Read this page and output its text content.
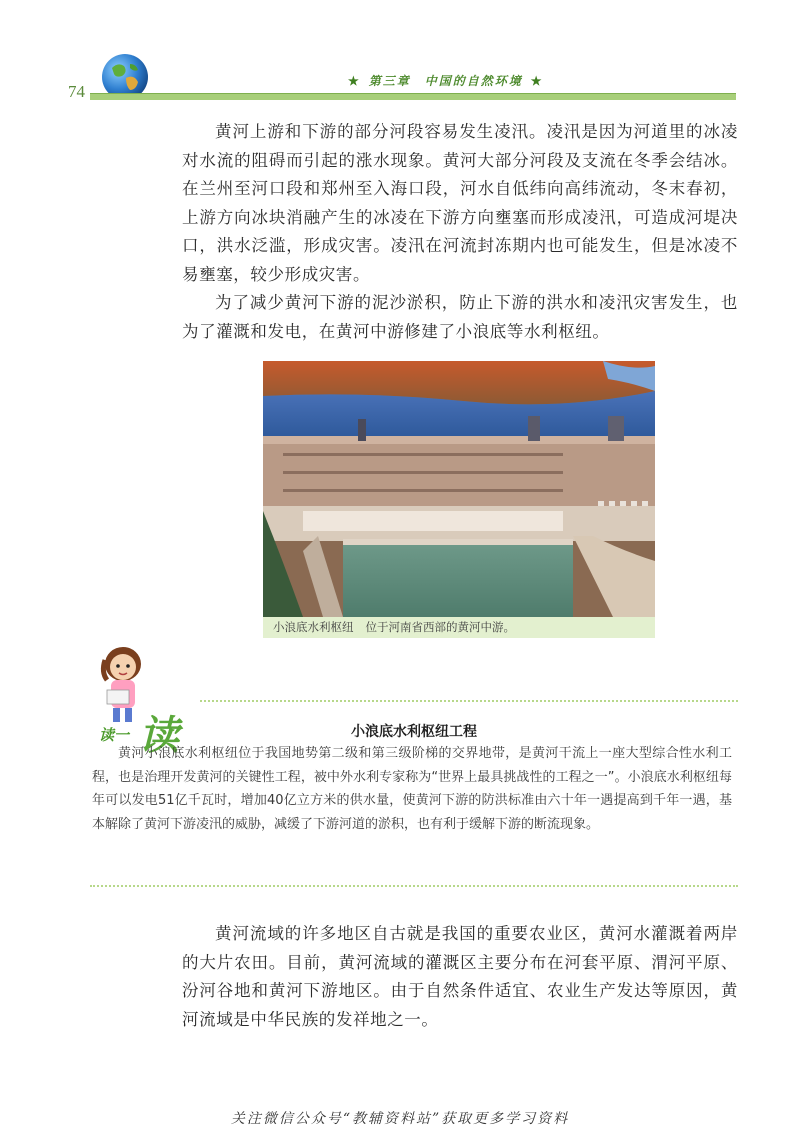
74
★ 第三章　中国的自然环境 ★
黄河上游和下游的部分河段容易发生凌汛。凌汛是因为河道里的冰凌对水流的阻碍而引起的涨水现象。黄河大部分河段及支流在冬季会结冰。在兰州至河口段和郑州至入海口段，河水自低纬向高纬流动，冬末春初，上游方向冰块消融产生的冰凌在下游方向壅塞而形成凌汛，可造成河堤决口，洪水泛滥，形成灾害。凌汛在河流封冻期内也可能发生，但是冰凌不易壅塞，较少形成灾害。
为了减少黄河下游的泥沙淤积，防止下游的洪水和凌汛灾害发生，也为了灌溉和发电，在黄河中游修建了小浪底等水利枢纽。
小浪底水利枢纽 位于河南省西部的黄河中游。
读一 读	小浪底水利枢纽工程
黄河小浪底水利枢纽位于我国地势第二级和第三级阶梯的交界地带，是黄河干流上一座大型综合性水利工程，也是治理开发黄河的关键性工程，被中外水利专家称为“世界上最具挑战性的工程之一”。小浪底水利枢纽每年可以发电51亿千瓦时，增加40亿立方米的供水量，使黄河下游的防洪标准由六十年一遇提高到千年一遇，基本解除了黄河下游凌汛的威胁，减缓了下游河道的淤积，也有利于缓解下游的断流现象。
黄河流域的许多地区自古就是我国的重要农业区，黄河水灌溉着两岸的大片农田。目前，黄河流域的灌溉区主要分布在河套平原、渭河平原、汾河谷地和黄河下游地区。由于自然条件适宜、农业生产发达等原因，黄河流域是中华民族的发祥地之一。
关注微信公众号“教辅资料站”获取更多学习资料
